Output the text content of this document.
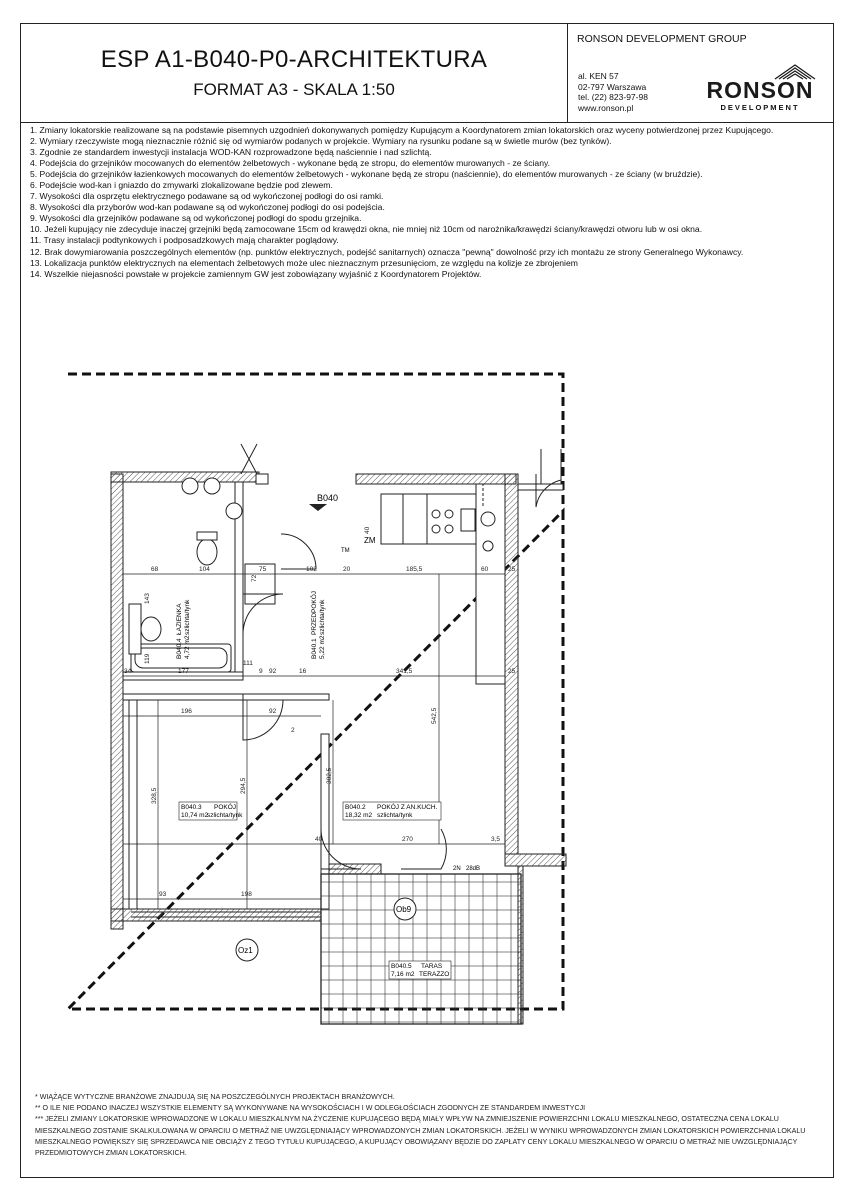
ESP A1-B040-P0-ARCHITEKTURA
FORMAT A3 - SKALA 1:50
RONSON DEVELOPMENT GROUP
al. KEN 57
02-797 Warszawa
tel. (22) 823-97-98
www.ronson.pl
RONSON
DEVELOPMENT
1. Zmiany lokatorskie realizowane są na podstawie pisemnych uzgodnień dokonywanych pomiędzy Kupującym a Koordynatorem zmian lokatorskich oraz wyceny potwierdzonej przez Kupującego.
2. Wymiary rzeczywiste mogą nieznacznie różnić się od wymiarów podanych w projekcie. Wymiary na rysunku podane są w świetle murów (bez tynków).
3. Zgodnie ze standardem inwestycji instalacja WOD-KAN rozprowadzone będą naściennie i nad szlichtą.
4. Podejścia do grzejników mocowanych do elementów żelbetowych - wykonane będą ze stropu, do elementów murowanych - ze ściany.
5. Podejścia do grzejników łazienkowych mocowanych do elementów żelbetowych - wykonane będą ze stropu (naściennie), do elementów murowanych - ze ściany (w bruździe).
6. Podejście wod-kan i gniazdo do zmywarki zlokalizowane będzie pod zlewem.
7. Wysokości dla osprzętu elektrycznego podawane są od wykończonej podłogi do osi ramki.
8. Wysokości dla przyborów wod-kan podawane są od wykończonej podłogi do osi podejścia.
9. Wysokości dla grzejników podawane są od wykończonej podłogi do spodu grzejnika.
10. Jeżeli kupujący nie zdecyduje inaczej grzejniki będą zamocowane 15cm od krawędzi okna, nie mniej niż 10cm od narożnika/krawędzi ściany/krawędzi otworu lub w osi okna.
11. Trasy instalacji podtynkowych i podposadzkowych mają charakter poglądowy.
12. Brak dowymiarowania poszczególnych elementów (np. punktów elektrycznych, podejść sanitarnych) oznacza "pewną" dowolność przy ich montażu ze strony Generalnego Wykonawcy.
13. Lokalizacja punktów elektrycznych na elementach żelbetowych może ulec nieznacznym przesunięciom, ze względu na kolizje ze zbrojeniem
14. Wszelkie niejasności powstałe w projekcie zamiennym GW jest zobowiązany wyjaśnić z Koordynatorem Projektów.
B040
B040.4
ŁAZIENKA
4,72 m2
szlichta/tynk
B040.1
PRZEDPOKÓJ
5,22 m2
szlichta/tynk
B040.3 POKÓJ
10,74 m2
szlichta/tynk
B040.2 POKÓJ Z AN.KUCH.
18,32 m2 szlichta/tynk
B040.5 TARAS
7,16 m2 TERAZZO
68	104	75	102	20	185,5	60	25
177	92	341,5
196	92
93	198
270
40
542,5
328,5
294,5
302,5
143
119
72
40
34	25
2
9	16
111
3,5
Oz1
Ob9
ZM
TM
2N 28dB
* WIĄŻĄCE WYTYCZNE BRANŻOWE ZNAJDUJĄ SIĘ NA POSZCZEGÓLNYCH PROJEKTACH BRANŻOWYCH.
** O ILE NIE PODANO INACZEJ WSZYSTKIE ELEMENTY SĄ WYKONYWANE NA WYSOKOŚCIACH I W ODLEGŁOŚCIACH ZGODNYCH ZE STANDARDEM INWESTYCJI
*** JEŻELI ZMIANY LOKATORSKIE WPROWADZONE W LOKALU MIESZKALNYM NA ŻYCZENIE KUPUJĄCEGO BĘDĄ MIAŁY WPŁYW NA ZMNIEJSZENIE POWIERZCHNI LOKALU MIESZKALNEGO, OSTATECZNA CENA LOKALU MIESZKALNEGO ZOSTANIE SKALKULOWANA W OPARCIU O METRAŻ NIE UWZGLĘDNIAJĄCY WPROWADZONYCH ZMIAN LOKATORSKICH. JEŻELI W WYNIKU WPROWADZONYCH ZMIAN LOKATORSKICH POWIERZCHNIA LOKALU MIESZKALNEGO POWIĘKSZY SIĘ SPRZEDAWCA NIE OBCIĄŻY Z TEGO TYTUŁU KUPUJĄCEGO, A KUPUJĄCY OBOWIĄZANY BĘDZIE DO ZAPŁATY CENY LOKALU MIESZKALNEGO W OPARCIU O METRAŻ NIE UWZGLĘDNIAJĄCY PRZEDMIOTOWYCH ZMIAN LOKATORSKICH.
